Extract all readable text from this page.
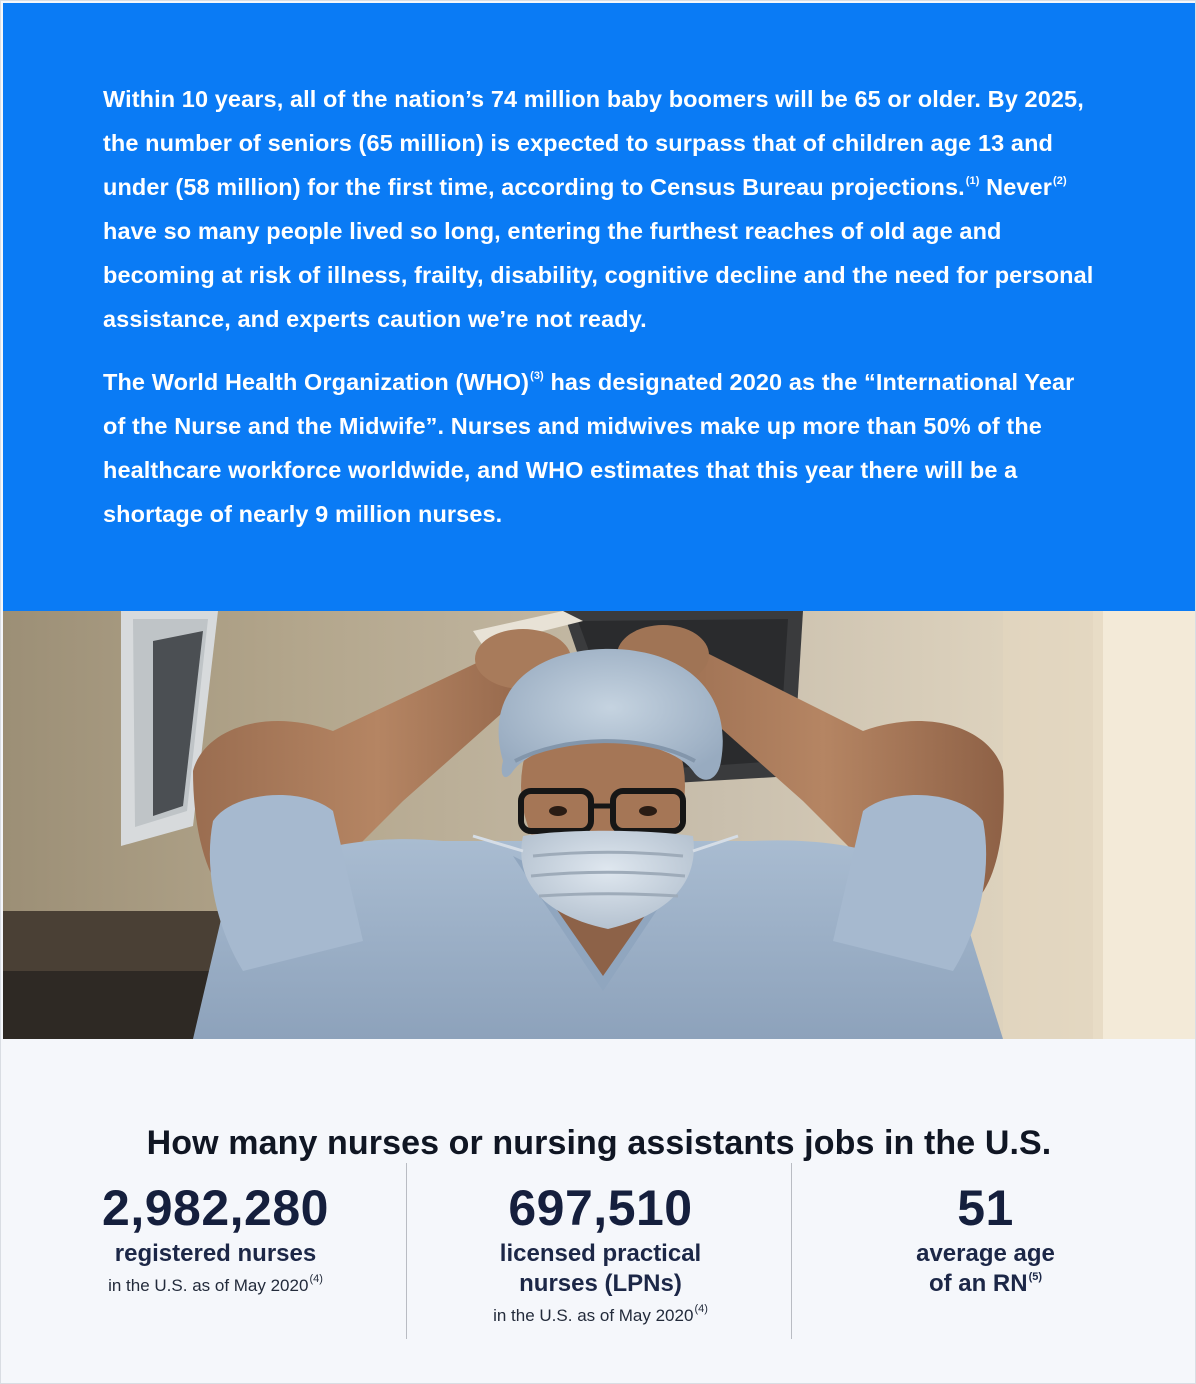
Within 10 years, all of the nation’s 74 million baby boomers will be 65 or older. By 2025, the number of seniors (65 million) is expected to surpass that of children age 13 and under (58 million) for the first time, according to Census Bureau projections.$^{(1)}$ Never$^{(2)}$ have so many people lived so long, entering the furthest reaches of old age and becoming at risk of illness, frailty, disability, cognitive decline and the need for personal assistance, and experts caution we’re not ready.

The World Health Organization (WHO)$^{(3)}$ has designated 2020 as the “International Year of the Nurse and the Midwife”. Nurses and midwives make up more than 50% of the healthcare workforce worldwide, and WHO estimates that this year there will be a shortage of nearly 9 million nurses.

How many nurses or nursing assistants jobs in the U.S.
2,982,280
registered nurses
in the U.S. as of May 2020$^{(4)}$
697,510
licensed practical
nurses (LPNs)
in the U.S. as of May 2020$^{(4)}$
51
average age
of an RN$^{(5)}$
